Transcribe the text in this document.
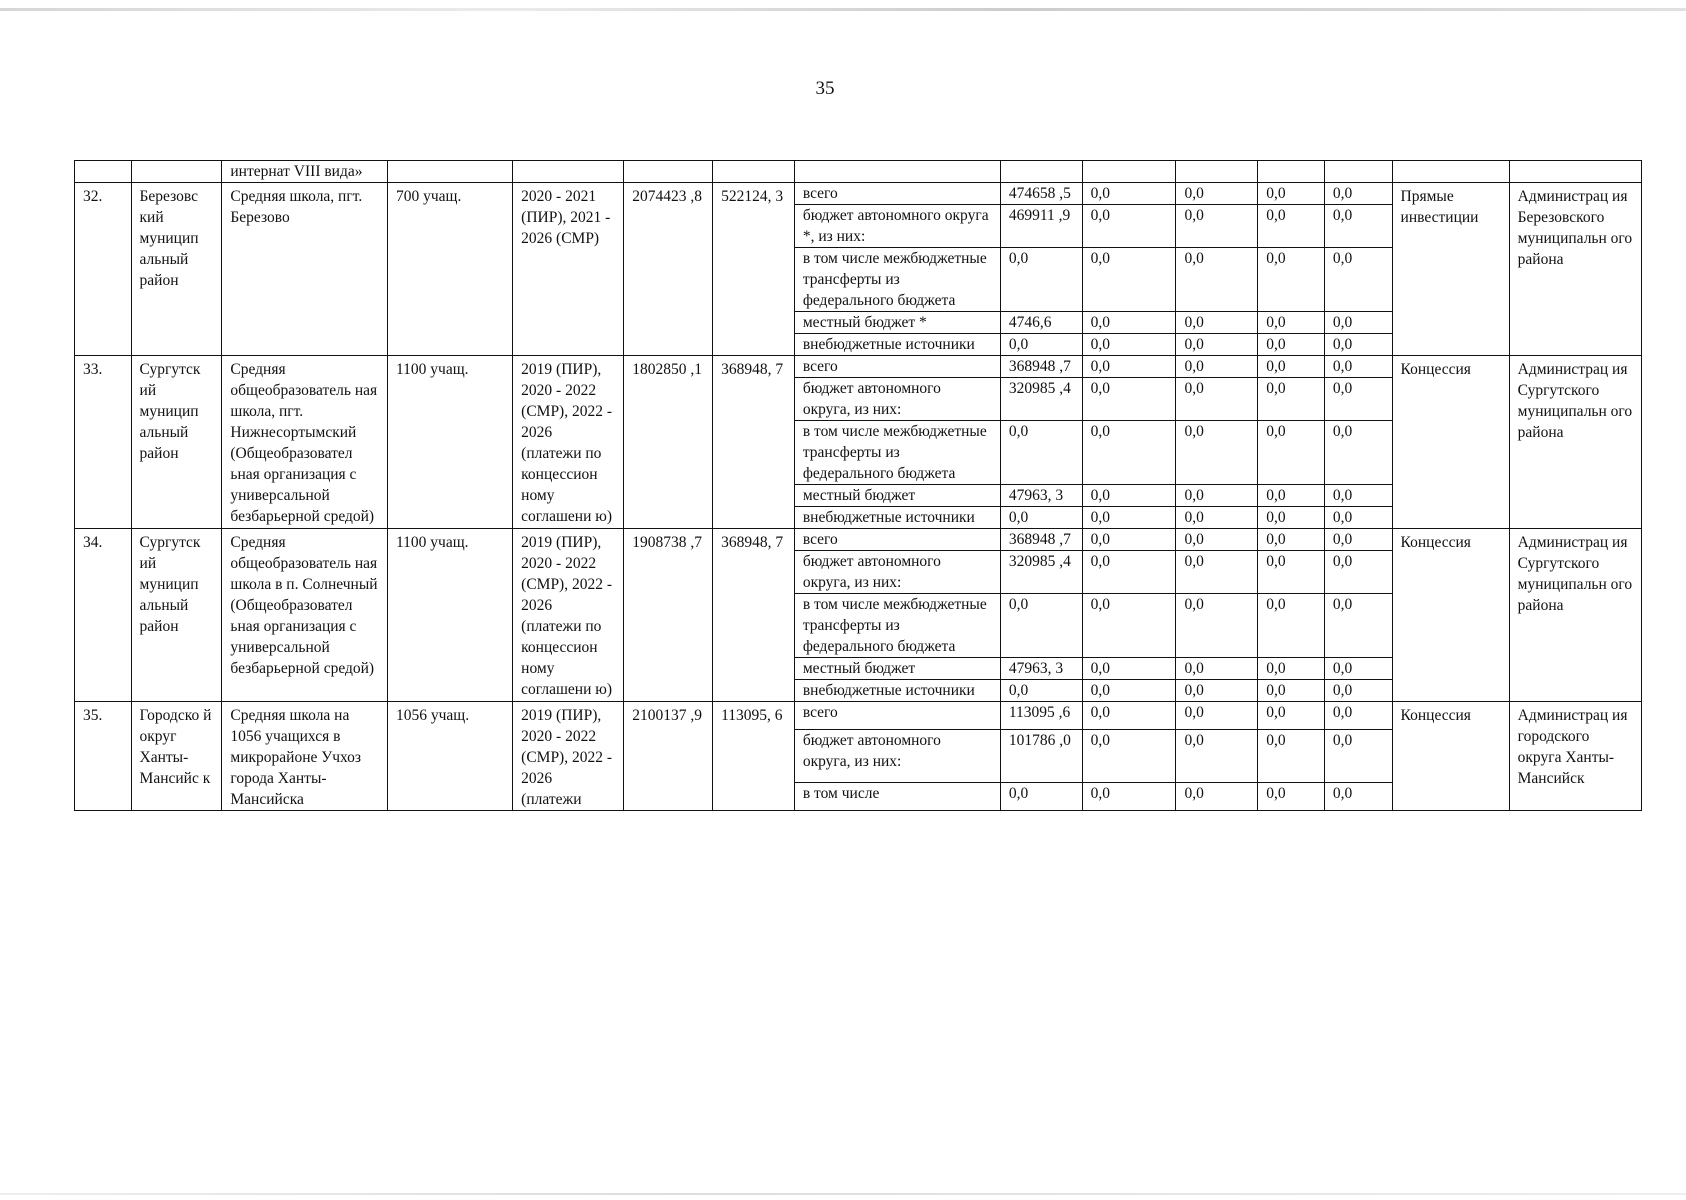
35
		интернат VIII вида»												
32.	Березовс кий муницип альный район	Средняя школа, пгт. Березово	700 учащ.	2020 - 2021 (ПИР), 2021 - 2026 (СМР)	2074423 ,8	522124, 3	всего	474658 ,5	0,0	0,0	0,0	0,0	Прямые инвестиции	Администрац ия Березовского муниципальн ого района
							бюджет автономного округа *, из них:	469911 ,9	0,0	0,0	0,0	0,0		
							в том числе межбюджетные трансферты из федерального бюджета	0,0	0,0	0,0	0,0	0,0		
							местный бюджет *	4746,6	0,0	0,0	0,0	0,0		
							внебюджетные источники	0,0	0,0	0,0	0,0	0,0		
33.	Сургутск ий муницип альный район	Средняя общеобразователь ная школа, пгт. Нижнесортымский (Общеобразовател ьная организация с универсальной безбарьерной средой)	1100 учащ.	2019 (ПИР), 2020 - 2022 (СМР), 2022 - 2026 (платежи по концессион ному соглашени ю)	1802850 ,1	368948, 7	всего	368948 ,7	0,0	0,0	0,0	0,0	Концессия	Администрац ия Сургутского муниципальн ого района
							бюджет автономного округа, из них:	320985 ,4	0,0	0,0	0,0	0,0		
							в том числе межбюджетные трансферты из федерального бюджета	0,0	0,0	0,0	0,0	0,0		
							местный бюджет	47963, 3	0,0	0,0	0,0	0,0		
							внебюджетные источники	0,0	0,0	0,0	0,0	0,0		
34.	Сургутск ий муницип альный район	Средняя общеобразователь ная школа в п. Солнечный (Общеобразовател ьная организация с универсальной безбарьерной средой)	1100 учащ.	2019 (ПИР), 2020 - 2022 (СМР), 2022 - 2026 (платежи по концессион ному соглашени ю)	1908738 ,7	368948, 7	всего	368948 ,7	0,0	0,0	0,0	0,0	Концессия	Администрац ия Сургутского муниципальн ого района
							бюджет автономного округа, из них:	320985 ,4	0,0	0,0	0,0	0,0		
							в том числе межбюджетные трансферты из федерального бюджета	0,0	0,0	0,0	0,0	0,0		
							местный бюджет	47963, 3	0,0	0,0	0,0	0,0		
							внебюджетные источники	0,0	0,0	0,0	0,0	0,0		
35.	Городско й округ Ханты- Мансийс к	Средняя школа на 1056 учащихся в микрорайоне Учхоз города Ханты-Мансийска	1056 учащ.	2019 (ПИР), 2020 - 2022 (СМР), 2022 - 2026 (платежи	2100137 ,9	113095, 6	всего	113095 ,6	0,0	0,0	0,0	0,0	Концессия	Администрац ия городского округа Ханты- Мансийск
							бюджет автономного округа, из них:	101786 ,0	0,0	0,0	0,0	0,0		
							в том числе	0,0	0,0	0,0	0,0	0,0		
